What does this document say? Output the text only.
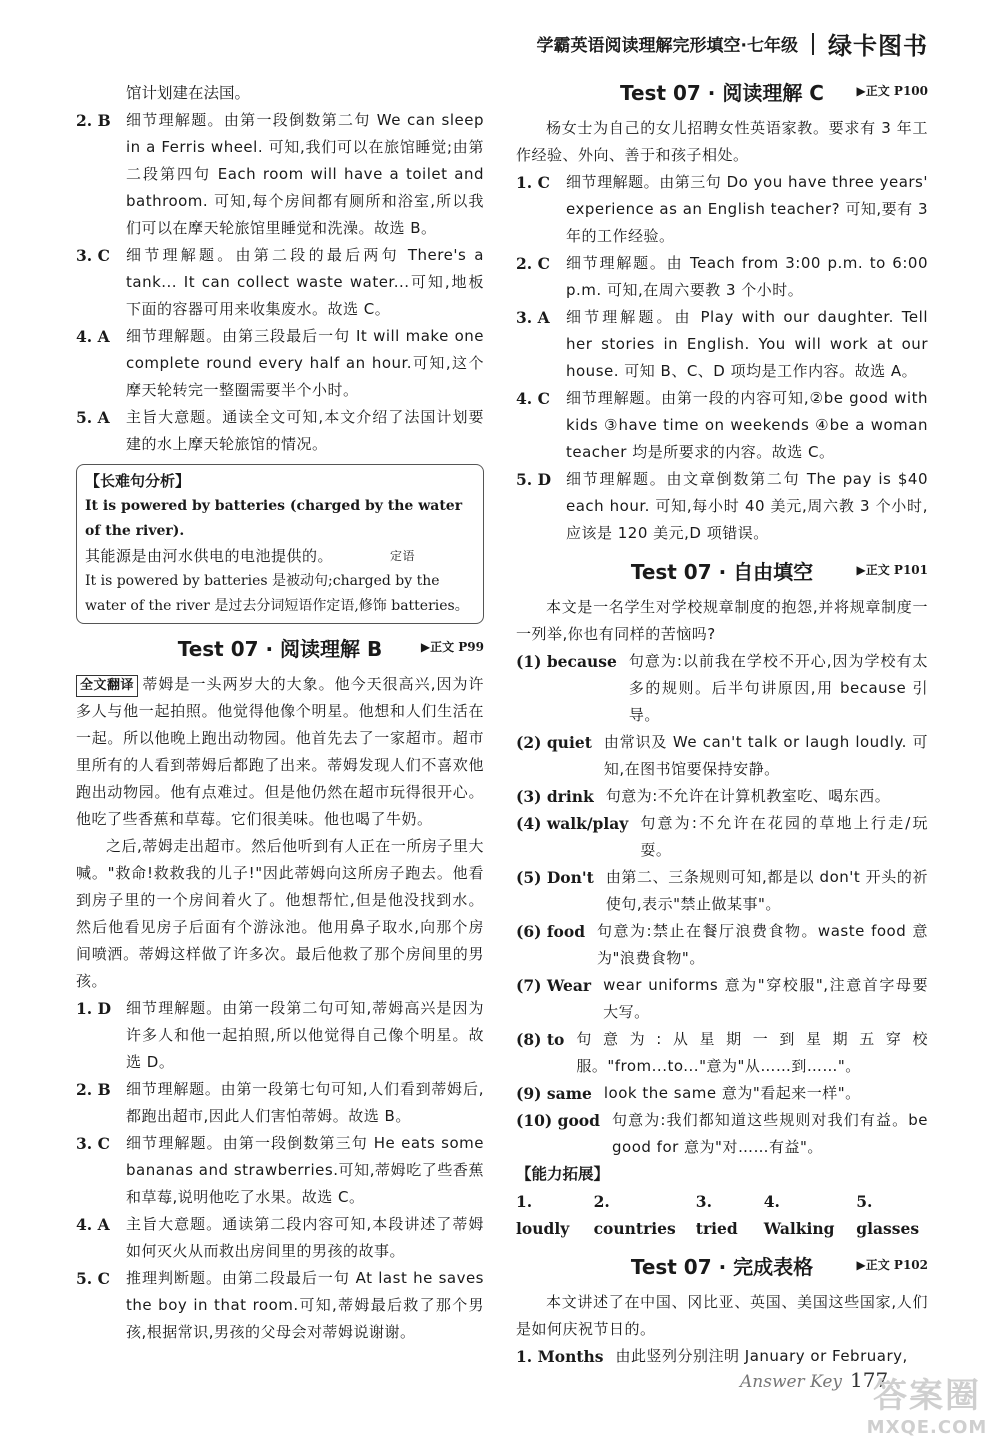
学霸英语阅读理解完形填空·七年级 绿卡图书

馆计划建在法国。

2. B	细节理解题。由第一段倒数第二句 We can sleep in a Ferris wheel. 可知,我们可以在旅馆睡觉;由第二段第四句 Each room will have a toilet and bathroom. 可知,每个房间都有厕所和浴室,所以我们可以在摩天轮旅馆里睡觉和洗澡。故选 B。
3. C	细节理解题。由第二段的最后两句 There's a tank... It can collect waste water...可知,地板下面的容器可用来收集废水。故选 C。
4. A	细节理解题。由第三段最后一句 It will make one complete round every half an hour.可知,这个摩天轮转完一整圈需要半个小时。
5. A	主旨大意题。通读全文可知,本文介绍了法国计划要建的水上摩天轮旅馆的情况。
【长难句分析】
It is powered by batteries (charged by the water of the river).
其能源是由河水供电的电池提供的。	定语
It is powered by batteries 是被动句;charged by the water of the river 是过去分词短语作定语,修饰 batteries。
Test 07 · 阅读理解 B	▶正文 P99

全文翻译 蒂姆是一头两岁大的大象。他今天很高兴,因为许多人与他一起拍照。他觉得他像个明星。他想和人们生活在一起。所以他晚上跑出动物园。他首先去了一家超市。超市里所有的人看到蒂姆后都跑了出来。蒂姆发现人们不喜欢他跑出动物园。他有点难过。但是他仍然在超市玩得很开心。他吃了些香蕉和草莓。它们很美味。他也喝了牛奶。

之后,蒂姆走出超市。然后他听到有人正在一所房子里大喊。"救命!救救我的儿子!"因此蒂姆向这所房子跑去。他看到房子里的一个房间着火了。他想帮忙,但是他没找到水。然后他看见房子后面有个游泳池。他用鼻子取水,向那个房间喷洒。蒂姆这样做了许多次。最后他救了那个房间里的男孩。

1. D 细节理解题。由第一段第二句可知,蒂姆高兴是因为许多人和他一起拍照,所以他觉得自己像个明星。故选 D。
2. B	细节理解题。由第一段第七句可知,人们看到蒂姆后,都跑出超市,因此人们害怕蒂姆。故选 B。
3. C	细节理解题。由第一段倒数第三句 He eats some bananas and strawberries.可知,蒂姆吃了些香蕉和草莓,说明他吃了水果。故选 C。
4. A	主旨大意题。通读第二段内容可知,本段讲述了蒂姆如何灭火从而救出房间里的男孩的故事。
5. C	推理判断题。由第二段最后一句 At last he saves the boy in that room.可知,蒂姆最后救了那个男孩,根据常识,男孩的父母会对蒂姆说谢谢。
Test 07 · 阅读理解 C	▶正文 P100

杨女士为自己的女儿招聘女性英语家教。要求有 3 年工作经验、外向、善于和孩子相处。

1. C	细节理解题。由第三句 Do you have three years' experience as an English teacher? 可知,要有 3 年的工作经验。
2. C	细节理解题。由 Teach from 3:00 p.m. to 6:00 p.m. 可知,在周六要教 3 个小时。
3. A	细节理解题。由 Play with our daughter. Tell her stories in English. You will work at our house. 可知 B、C、D 项均是工作内容。故选 A。
4. C	细节理解题。由第一段的内容可知,②be good with kids ③have time on weekends ④be a woman teacher 均是所要求的内容。故选 C。
5. D 细节理解题。由文章倒数第二句 The pay is $40 each hour. 可知,每小时 40 美元,周六教 3 个小时,应该是 120 美元,D 项错误。
Test 07 · 自由填空	▶正文 P101

本文是一名学生对学校规章制度的抱怨,并将规章制度一一列举,你也有同样的苦恼吗?

(1) because 句意为:以前我在学校不开心,因为学校有太多的规则。后半句讲原因,用 because 引导。
(2) quiet 由常识及 We can't talk or laugh loudly. 可知,在图书馆要保持安静。
(3) drink 句意为:不允许在计算机教室吃、喝东西。
(4) walk/play 句意为:不允许在花园的草地上行走/玩耍。
(5) Don't 由第二、三条规则可知,都是以 don't 开头的祈使句,表示"禁止做某事"。
(6) food 句意为:禁止在餐厅浪费食物。waste food 意为"浪费食物"。
(7) Wear wear uniforms 意为"穿校服",注意首字母要大写。
(8) to 句意为:从星期一到星期五穿校服。"from...to..."意为"从……到……"。
(9) same look the same 意为"看起来一样"。
(10) good 句意为:我们都知道这些规则对我们有益。be good for 意为"对……有益"。
【能力拓展】
1. loudly
2. countries
3. tried
4. Walking
5. glasses
Test 07 · 完成表格	▶正文 P102

本文讲述了在中国、冈比亚、英国、美国这些国家,人们是如何庆祝节日的。

1. Months 由此竖列分别注明 January or February,
Answer Key 177
答案圈
MXQE.COM
